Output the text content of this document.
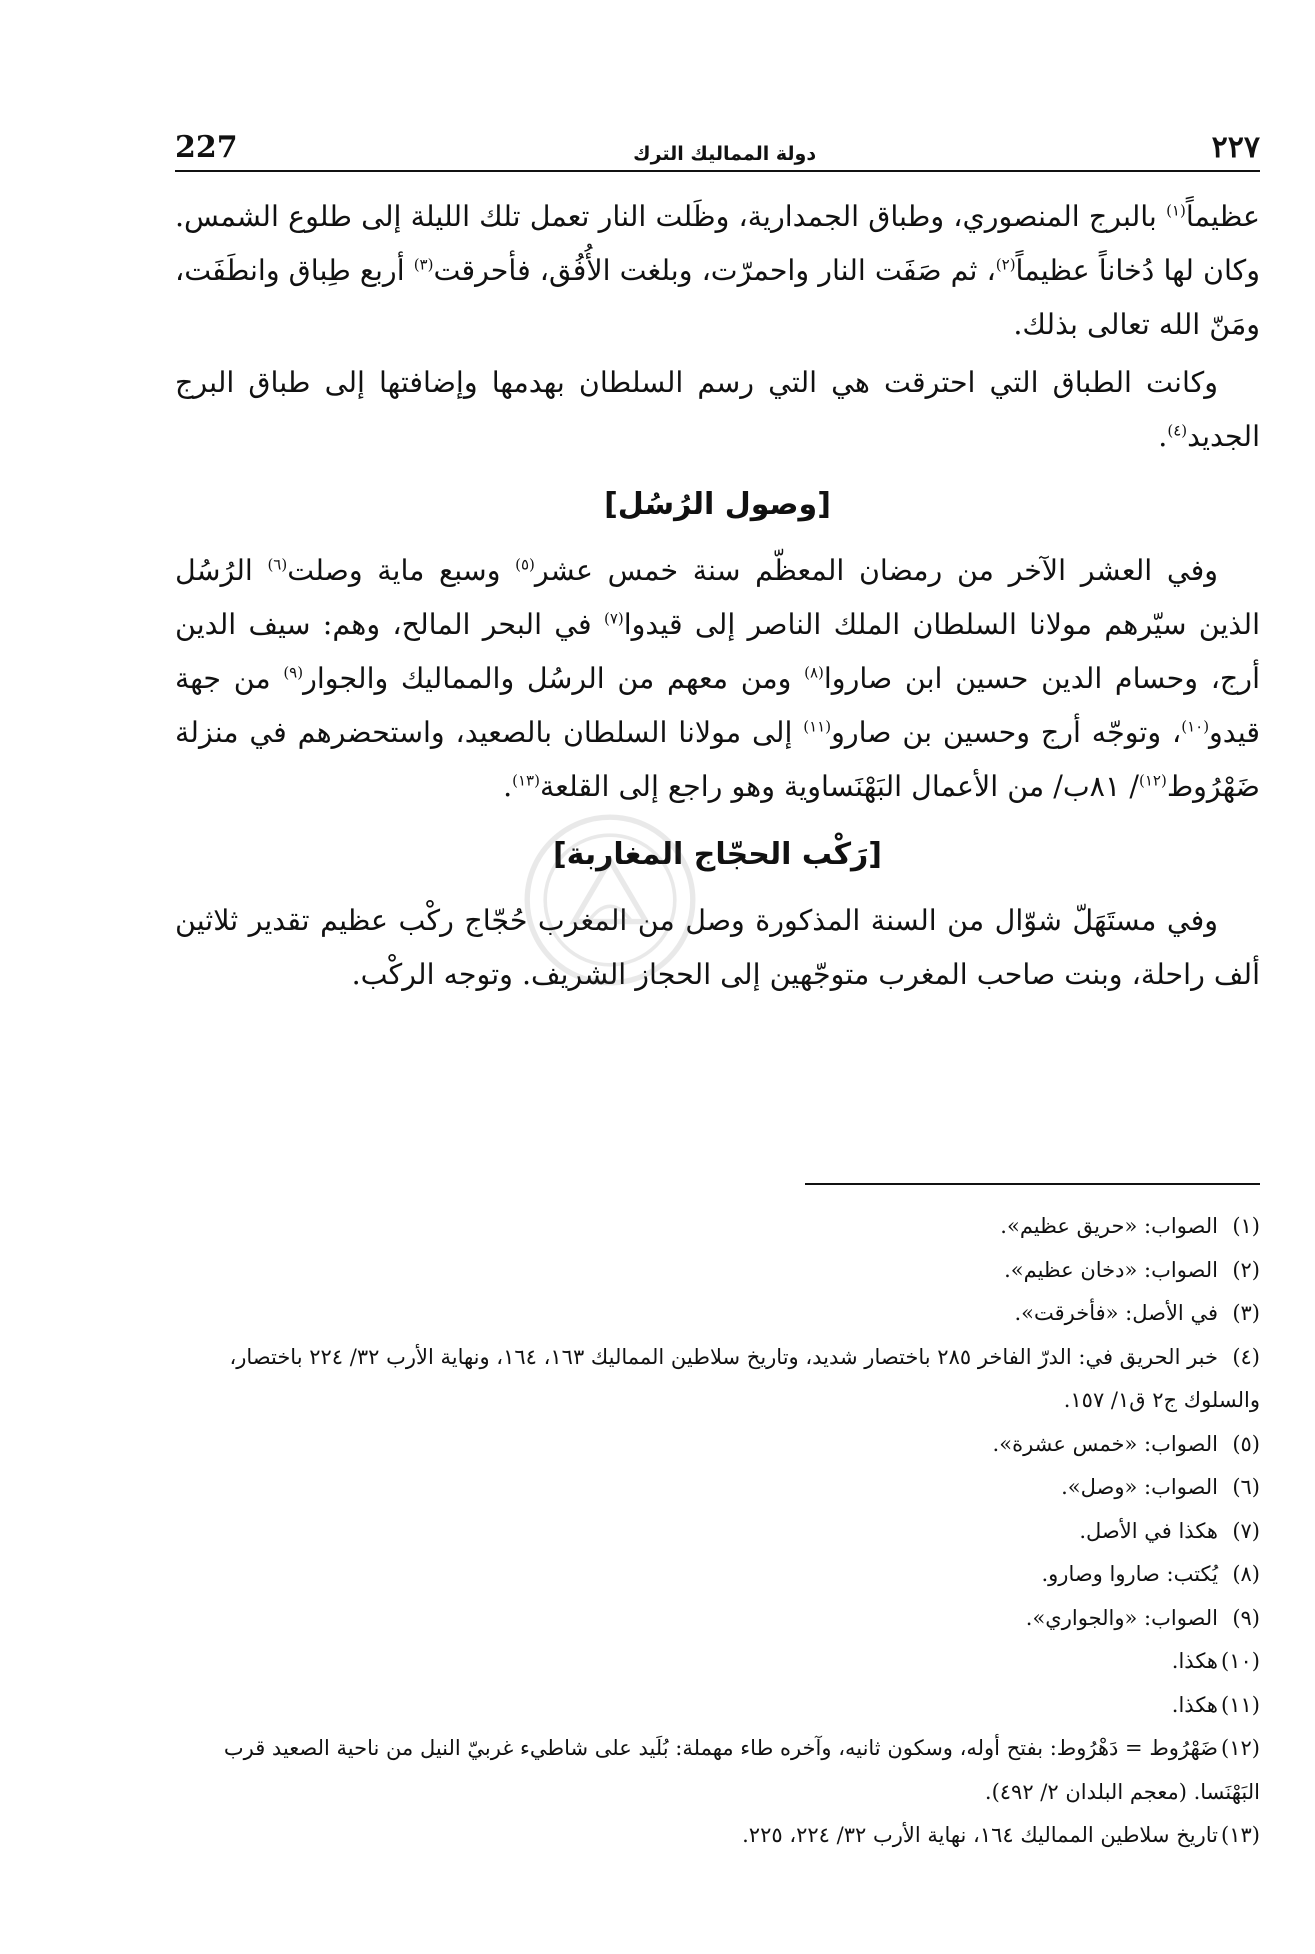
227	دولة المماليك الترك	٢٢٧

عظيماً$^{(١)}$ بالبرج المنصوري، وطباق الجمدارية، وظَلت النار تعمل تلك الليلة إلى طلوع الشمس. وكان لها دُخاناً عظيماً$^{(٢)}$، ثم صَفَت النار واحمرّت، وبلغت الأُفُق، فأحرقت$^{(٣)}$ أربع طِباق وانطَفَت، ومَنّ الله تعالى بذلك.

وكانت الطباق التي احترقت هي التي رسم السلطان بهدمها وإضافتها إلى طباق البرج الجديد$^{(٤)}$.

[وصول الرُسُل]

وفي العشر الآخر من رمضان المعظّم سنة خمس عشر$^{(٥)}$ وسبع ماية وصلت$^{(٦)}$ الرُسُل الذين سيّرهم مولانا السلطان الملك الناصر إلى قيدوا$^{(٧)}$ في البحر المالح، وهم: سيف الدين أرج، وحسام الدين حسين ابن صاروا$^{(٨)}$ ومن معهم من الرسُل والمماليك والجوار$^{(٩)}$ من جهة قيدو$^{(١٠)}$، وتوجّه أرج وحسين بن صارو$^{(١١)}$ إلى مولانا السلطان بالصعيد، واستحضرهم في منزلة ضَهْرُوط$^{(١٢)}$/ ٨١ب/ من الأعمال البَهْنَساوية وهو راجع إلى القلعة$^{(١٣)}$.

[رَكْب الحجّاج المغاربة]

وفي مستَهَلّ شوّال من السنة المذكورة وصل من المغرب حُجّاج ركْب عظيم تقدير ثلاثين ألف راحلة، وبنت صاحب المغرب متوجّهين إلى الحجاز الشريف. وتوجه الركْب.

(١)الصواب: «حريق عظيم».

(٢)الصواب: «دخان عظيم».

(٣)في الأصل: «فأخرقت».

(٤)خبر الحريق في: الدرّ الفاخر ٢٨٥ باختصار شديد، وتاريخ سلاطين المماليك ١٦٣، ١٦٤، ونهاية الأرب ٣٢/ ٢٢٤ باختصار، والسلوك ج٢ ق١/ ١٥٧.

(٥)الصواب: «خمس عشرة».

(٦)الصواب: «وصل».

(٧)هكذا في الأصل.

(٨)يُكتب: صاروا وصارو.

(٩)الصواب: «والجواري».

(١٠)هكذا.

(١١)هكذا.

(١٢)ضَهْرُوط = دَهْرُوط: بفتح أوله، وسكون ثانيه، وآخره طاء مهملة: بُلَيد على شاطيء غربيّ النيل من ناحية الصعيد قرب البَهْنَسا. (معجم البلدان ٢/ ٤٩٢).

(١٣)تاريخ سلاطين المماليك ١٦٤، نهاية الأرب ٣٢/ ٢٢٤، ٢٢٥.
